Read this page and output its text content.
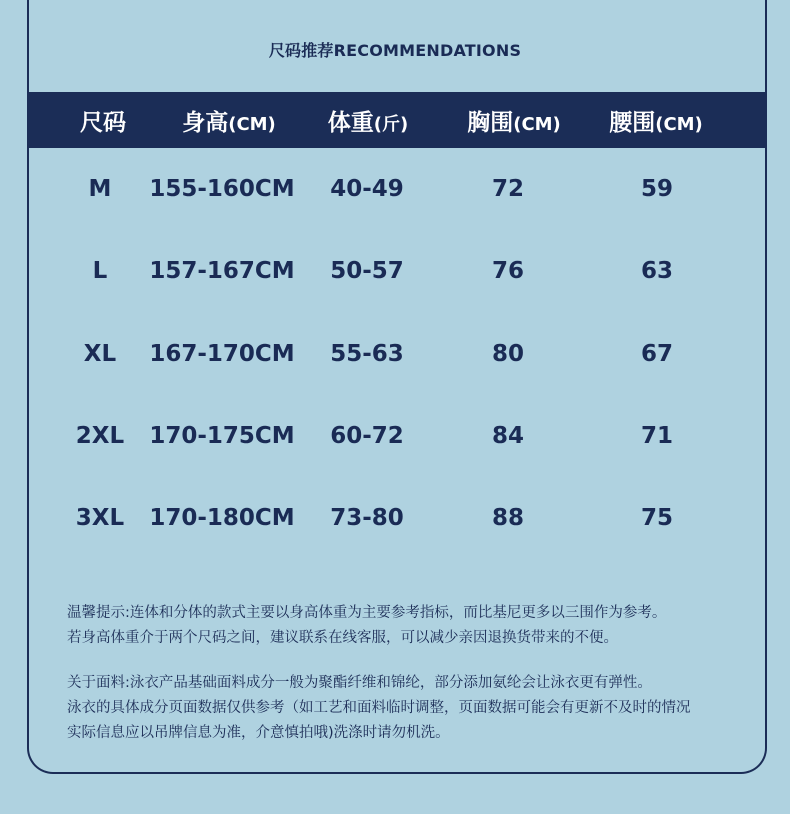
尺码推荐RECOMMENDATIONS
尺码 身高(CM) 体重(斤)	胸围(CM) 腰围(CM)
M 155-160CM 40-49	72	59
L 157-167CM 50-57	76	63
XL 167-170CM 55-63	80	67
2XL 170-175CM 60-72	84	71
3XL 170-180CM 73-80	88	75

温馨提示:连体和分体的款式主要以身高体重为主要参考指标，而比基尼更多以三围作为参考。

若身高体重介于两个尺码之间，建议联系在线客服，可以减少亲因退换货带来的不便。

关于面料:泳衣产品基础面料成分一般为聚酯纤维和锦纶，部分添加氨纶会让泳衣更有弹性。

泳衣的具体成分页面数据仅供参考（如工艺和面料临时调整，页面数据可能会有更新不及时的情况

实际信息应以吊牌信息为准，介意慎拍哦)洗涤时请勿机洗。
